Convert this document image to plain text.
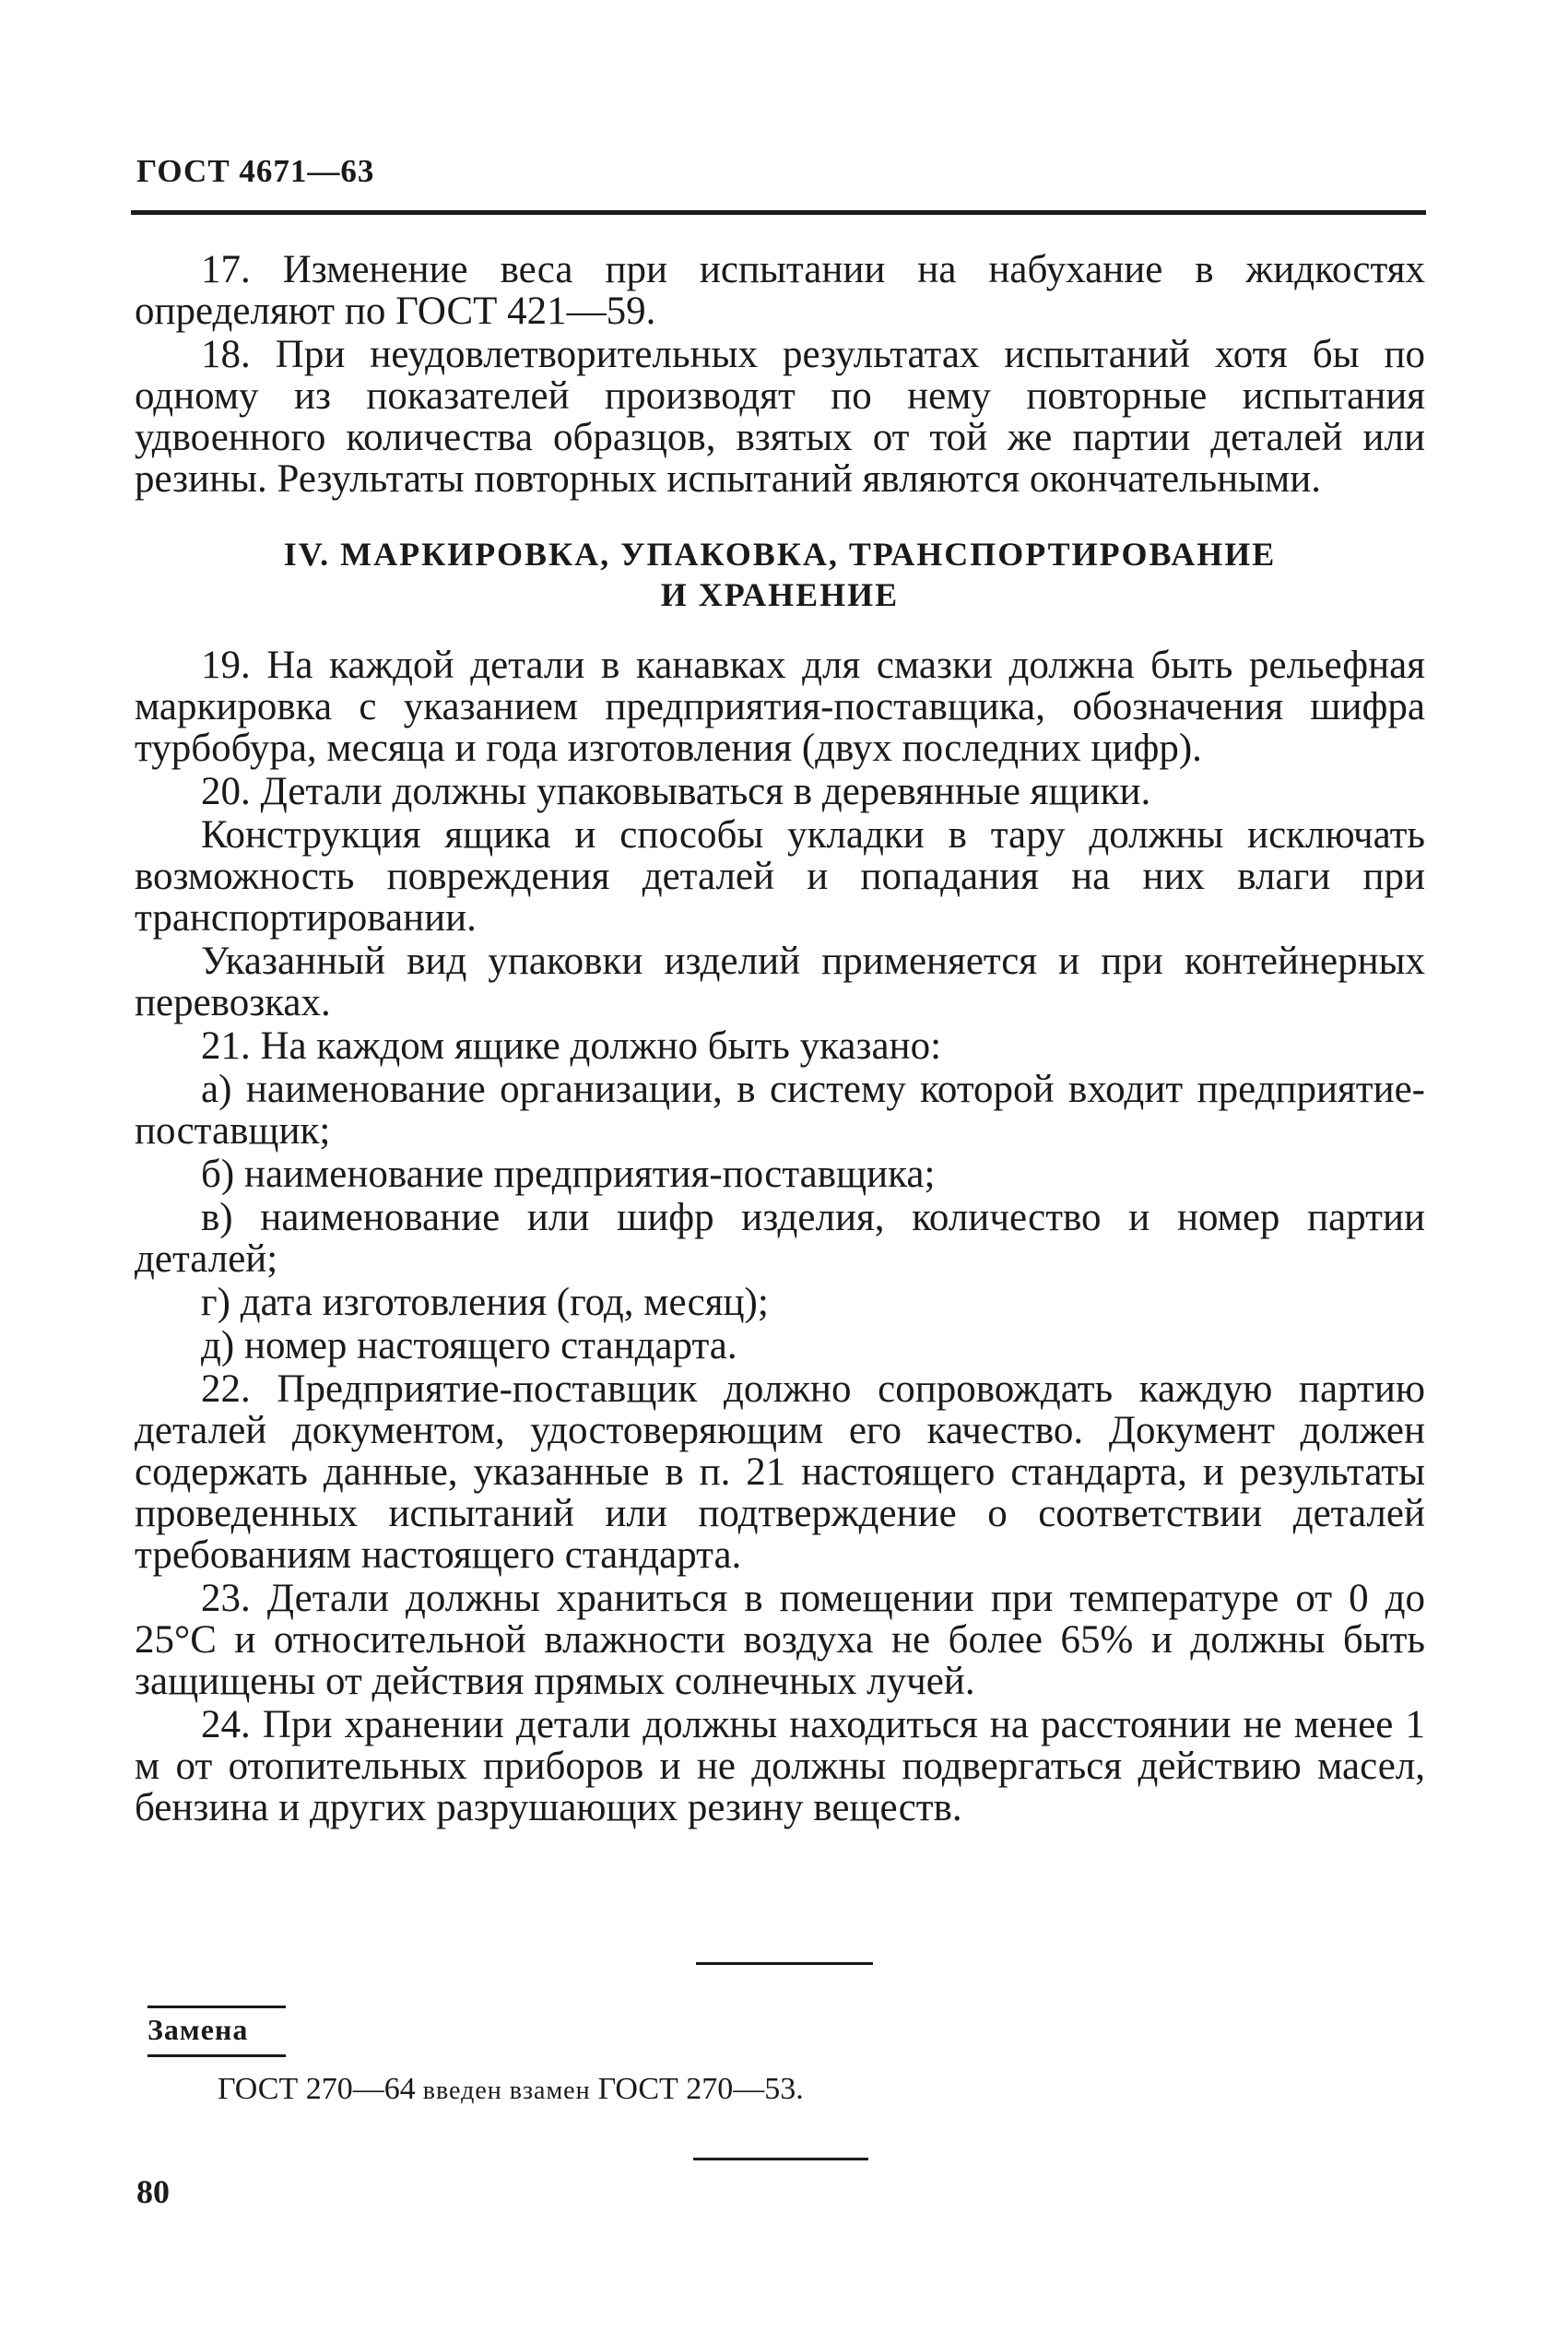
ГОСТ 4671—63

17. Изменение веса при испытании на набухание в жидкостях определяют по ГОСТ 421—59.

18. При неудовлетворительных результатах испытаний хотя бы по одному из показателей производят по нему повторные испытания удвоенного количества образцов, взятых от той же партии деталей или резины. Результаты повторных испытаний являются окончательными.

IV. МАРКИРОВКА, УПАКОВКА, ТРАНСПОРТИРОВАНИЕ
И ХРАНЕНИЕ

19. На каждой детали в канавках для смазки должна быть рельефная маркировка с указанием предприятия-поставщика, обозначения шифра турбобура, месяца и года изготовления (двух последних цифр).

20. Детали должны упаковываться в деревянные ящики.

Конструкция ящика и способы укладки в тару должны исключать возможность повреждения деталей и попадания на них влаги при транспортировании.

Указанный вид упаковки изделий применяется и при контейнерных перевозках.

21. На каждом ящике должно быть указано:

а) наименование организации, в систему которой входит предприятие-поставщик;

б) наименование предприятия-поставщика;

в) наименование или шифр изделия, количество и номер партии деталей;

г) дата изготовления (год, месяц);

д) номер настоящего стандарта.

22. Предприятие-поставщик должно сопровождать каждую партию деталей документом, удостоверяющим его качество. Документ должен содержать данные, указанные в п. 21 настоящего стандарта, и результаты проведенных испытаний или подтверждение о соответствии деталей требованиям настоящего стандарта.

23. Детали должны храниться в помещении при температуре от 0 до 25°С и относительной влажности воздуха не более 65% и должны быть защищены от действия прямых солнечных лучей.

24. При хранении детали должны находиться на расстоянии не менее 1 м от отопительных приборов и не должны подвергаться действию масел, бензина и других разрушающих резину веществ.

Замена
ГОСТ 270—64 введен взамен ГОСТ 270—53.
80
